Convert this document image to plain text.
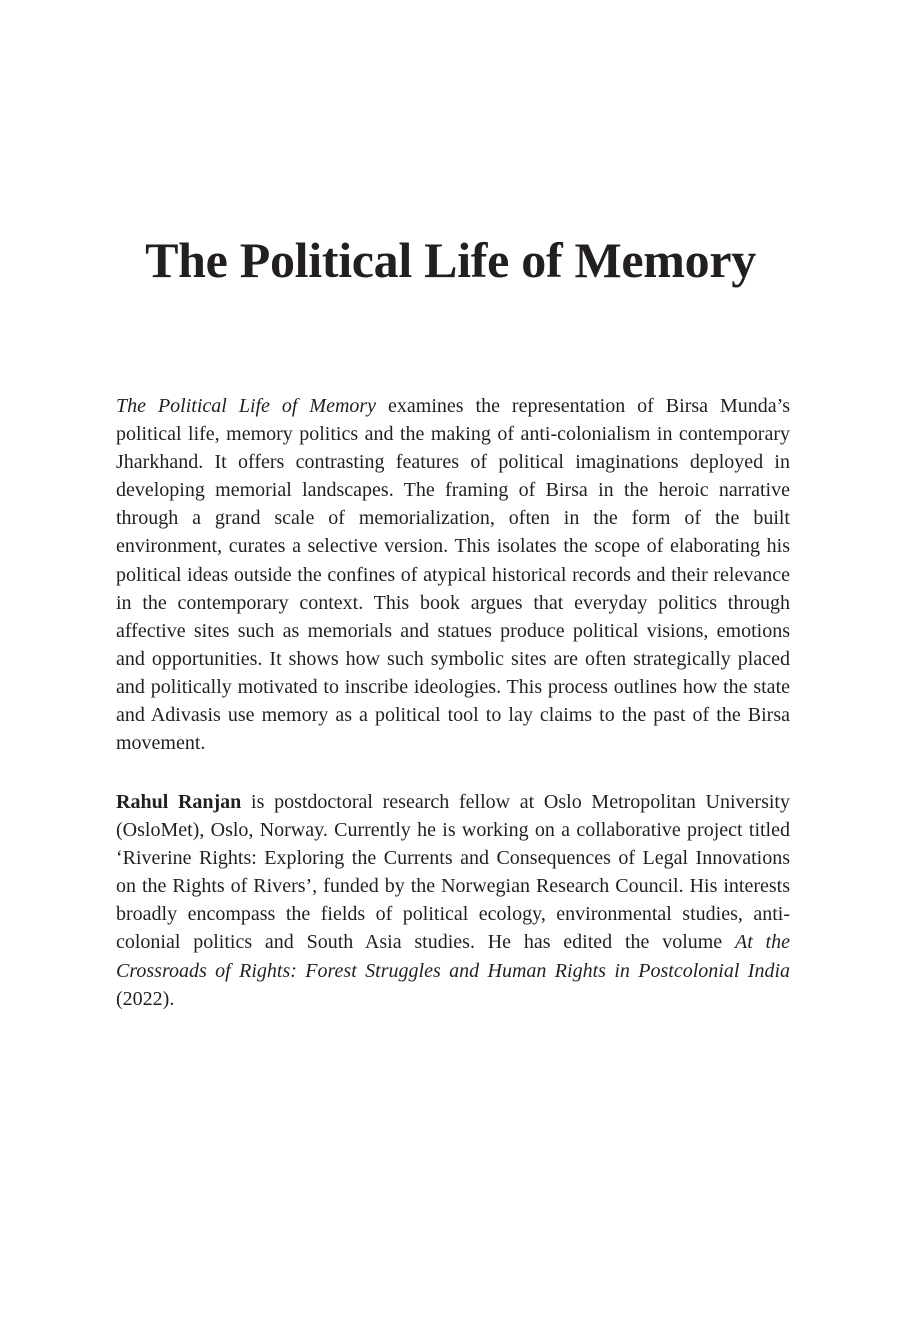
The Political Life of Memory

The Political Life of Memory examines the representation of Birsa Munda’s political life, memory politics and the making of anti-colonialism in contemporary Jharkhand. It offers contrasting features of political imaginations deployed in developing memorial landscapes. The framing of Birsa in the heroic narrative through a grand scale of memorialization, often in the form of the built environment, curates a selective version. This isolates the scope of elaborating his political ideas outside the confines of atypical historical records and their relevance in the contemporary context. This book argues that everyday politics through affective sites such as memorials and statues produce political visions, emotions and opportunities. It shows how such symbolic sites are often strategically placed and politically motivated to inscribe ideologies. This process outlines how the state and Adivasis use memory as a political tool to lay claims to the past of the Birsa movement.

Rahul Ranjan is postdoctoral research fellow at Oslo Metropolitan University (OsloMet), Oslo, Norway. Currently he is working on a collaborative project titled ‘Riverine Rights: Exploring the Currents and Consequences of Legal Innovations on the Rights of Rivers’, funded by the Norwegian Research Council. His interests broadly encompass the fields of political ecology, environmental studies, anti-colonial politics and South Asia studies. He has edited the volume At the Crossroads of Rights: Forest Struggles and Human Rights in Postcolonial India (2022).
